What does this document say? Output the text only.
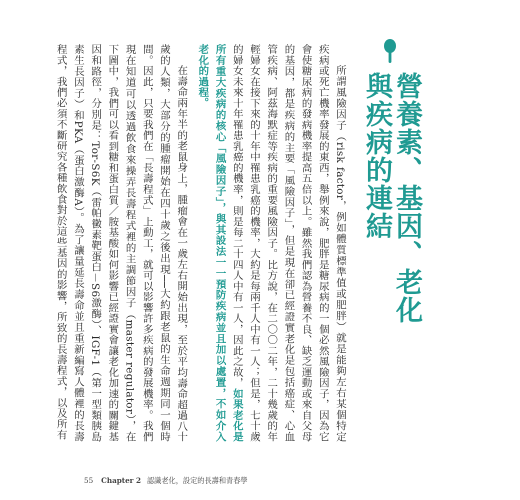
營養素、基因、老化與疾病的連結

所謂風險因子（risk factor，例如體質標準值或肥胖）就是能夠左右某個特定疾病或死亡機率發展的東西，舉例來說，肥胖是糖尿病的一個必然風險因子，因為它會使糖尿病的發病機率提高五倍以上。雖然我們認為營養不良、缺乏運動或來自父母的基因，都是疾病的主要「風險因子」，但是現在卻已經證實老化是包括癌症、心血管疾病、阿茲海默症等疾病的重要風險因子。比方說，在二〇〇二年，二十幾歲的年輕婦女在接下來的十年中罹患乳癌的機率，大約是每兩千人中有一人；但是，七十歲的婦女未來十年罹患乳癌的機率，則是每二十四人中有一人，因此之故，如果老化是所有重大疾病的核心「風險因子」，與其設法一一預防疾病並且加以處置，不如介入老化的過程。

在壽命兩年半的老鼠身上，腫瘤會在一歲左右開始出現，至於平均壽命超過八十歲的人類，大部分的腫瘤開始在四十歲之後出現──大約跟老鼠的生命週期同一個時間。因此，只要我們在「長壽程式」上動工，就可以影響許多疾病的發展機率。我們現在知道可以透過飲食來操弄長壽程式裡的主調節因子（master regulator），在下圖中，我們可以看到糖和蛋白質／胺基酸如何影響已經證實會讓老化加速的關鍵基因和路徑，分別是：Tor-S6K（雷帕黴素靶蛋白－S6激酶）、IGF-1（第一型類胰島素生長因子）和PKA（蛋白激酶A）。為了讓量延長壽命並且重新編寫人體裡的長壽程式，我們必須不斷研究各種飲食對於這些基因的影響，所致的長壽程式，以及所有

55 Chapter 2 認識老化，設定的長壽和青春學
